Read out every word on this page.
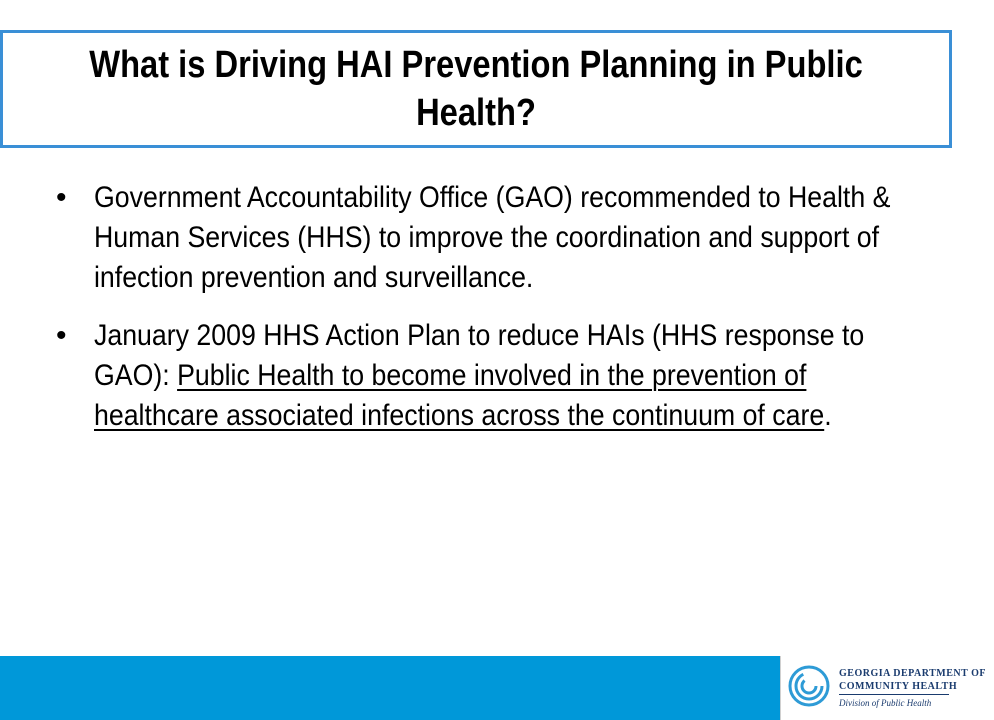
What is Driving HAI Prevention Planning in Public Health?
• Government Accountability Office (GAO) recommended to Health & Human Services (HHS) to improve the coordination and support of infection prevention and surveillance.
• January 2009 HHS Action Plan to reduce HAIs (HHS response to GAO): Public Health to become involved in the prevention of healthcare associated infections across the continuum of care.
GEORGIA DEPARTMENT OF
COMMUNITY HEALTH
Division of Public Health
